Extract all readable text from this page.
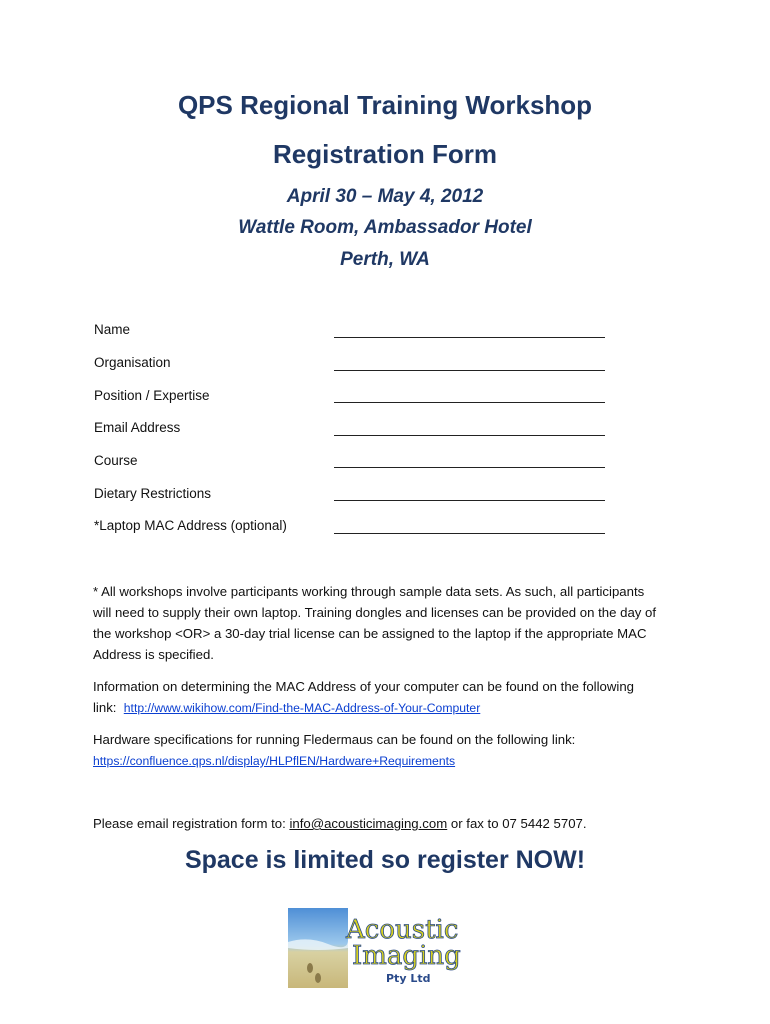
QPS Regional Training Workshop
Registration Form
April 30 – May 4, 2012
Wattle Room, Ambassador Hotel
Perth, WA
Name
Organisation
Position / Expertise
Email Address
Course
Dietary Restrictions
*Laptop MAC Address (optional)
* All workshops involve participants working through sample data sets. As such, all participants will need to supply their own laptop. Training dongles and licenses can be provided on the day of the workshop <OR> a 30-day trial license can be assigned to the laptop if the appropriate MAC Address is specified.
Information on determining the MAC Address of your computer can be found on the following link: http://www.wikihow.com/Find-the-MAC-Address-of-Your-Computer
Hardware specifications for running Fledermaus can be found on the following link:
https://confluence.qps.nl/display/HLPflEN/Hardware+Requirements
Please email registration form to: info@acousticimaging.com or fax to 07 5442 5707.
Space is limited so register NOW!
Acoustic
Imaging
Pty Ltd
